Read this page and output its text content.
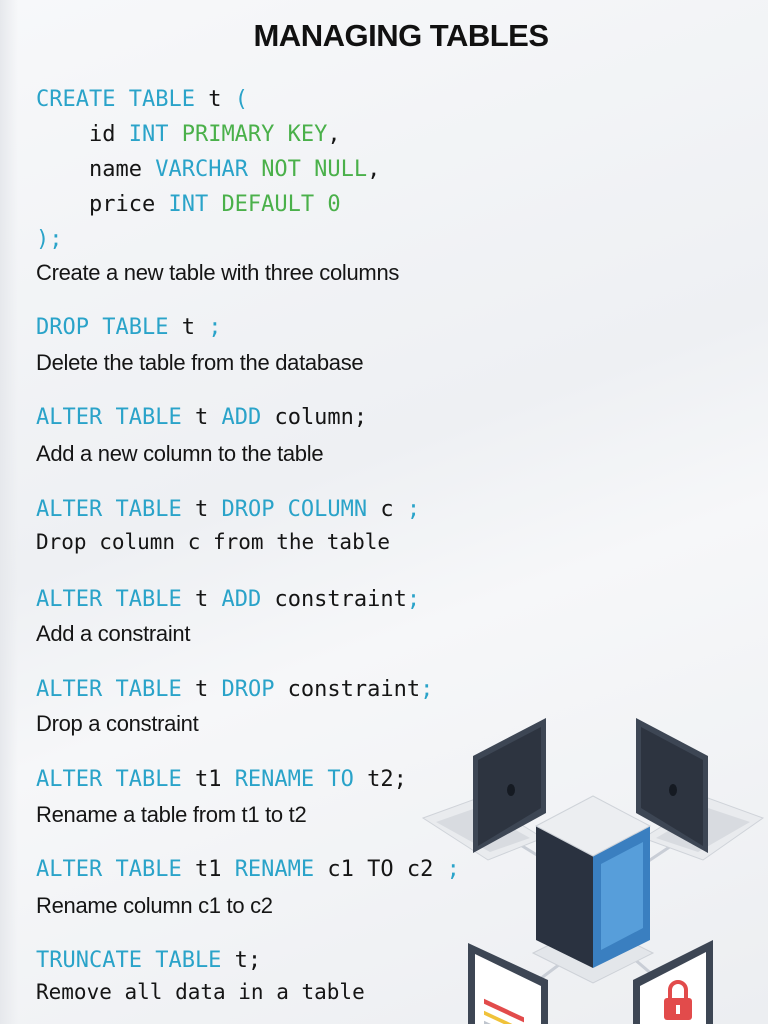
MANAGING TABLES
CREATE TABLE t (
id INT PRIMARY KEY,
name VARCHAR NOT NULL,
price INT DEFAULT 0
);
Create a new table with three columns
DROP TABLE t ;
Delete the table from the database
ALTER TABLE t ADD column;
Add a new column to the table
ALTER TABLE t DROP COLUMN c ;
Drop column c from the table
ALTER TABLE t ADD constraint;
Add a constraint
ALTER TABLE t DROP constraint;
Drop a constraint
ALTER TABLE t1 RENAME TO t2;
Rename a table from t1 to t2
ALTER TABLE t1 RENAME c1 TO c2 ;
Rename column c1 to c2
TRUNCATE TABLE t;
Remove all data in a table
